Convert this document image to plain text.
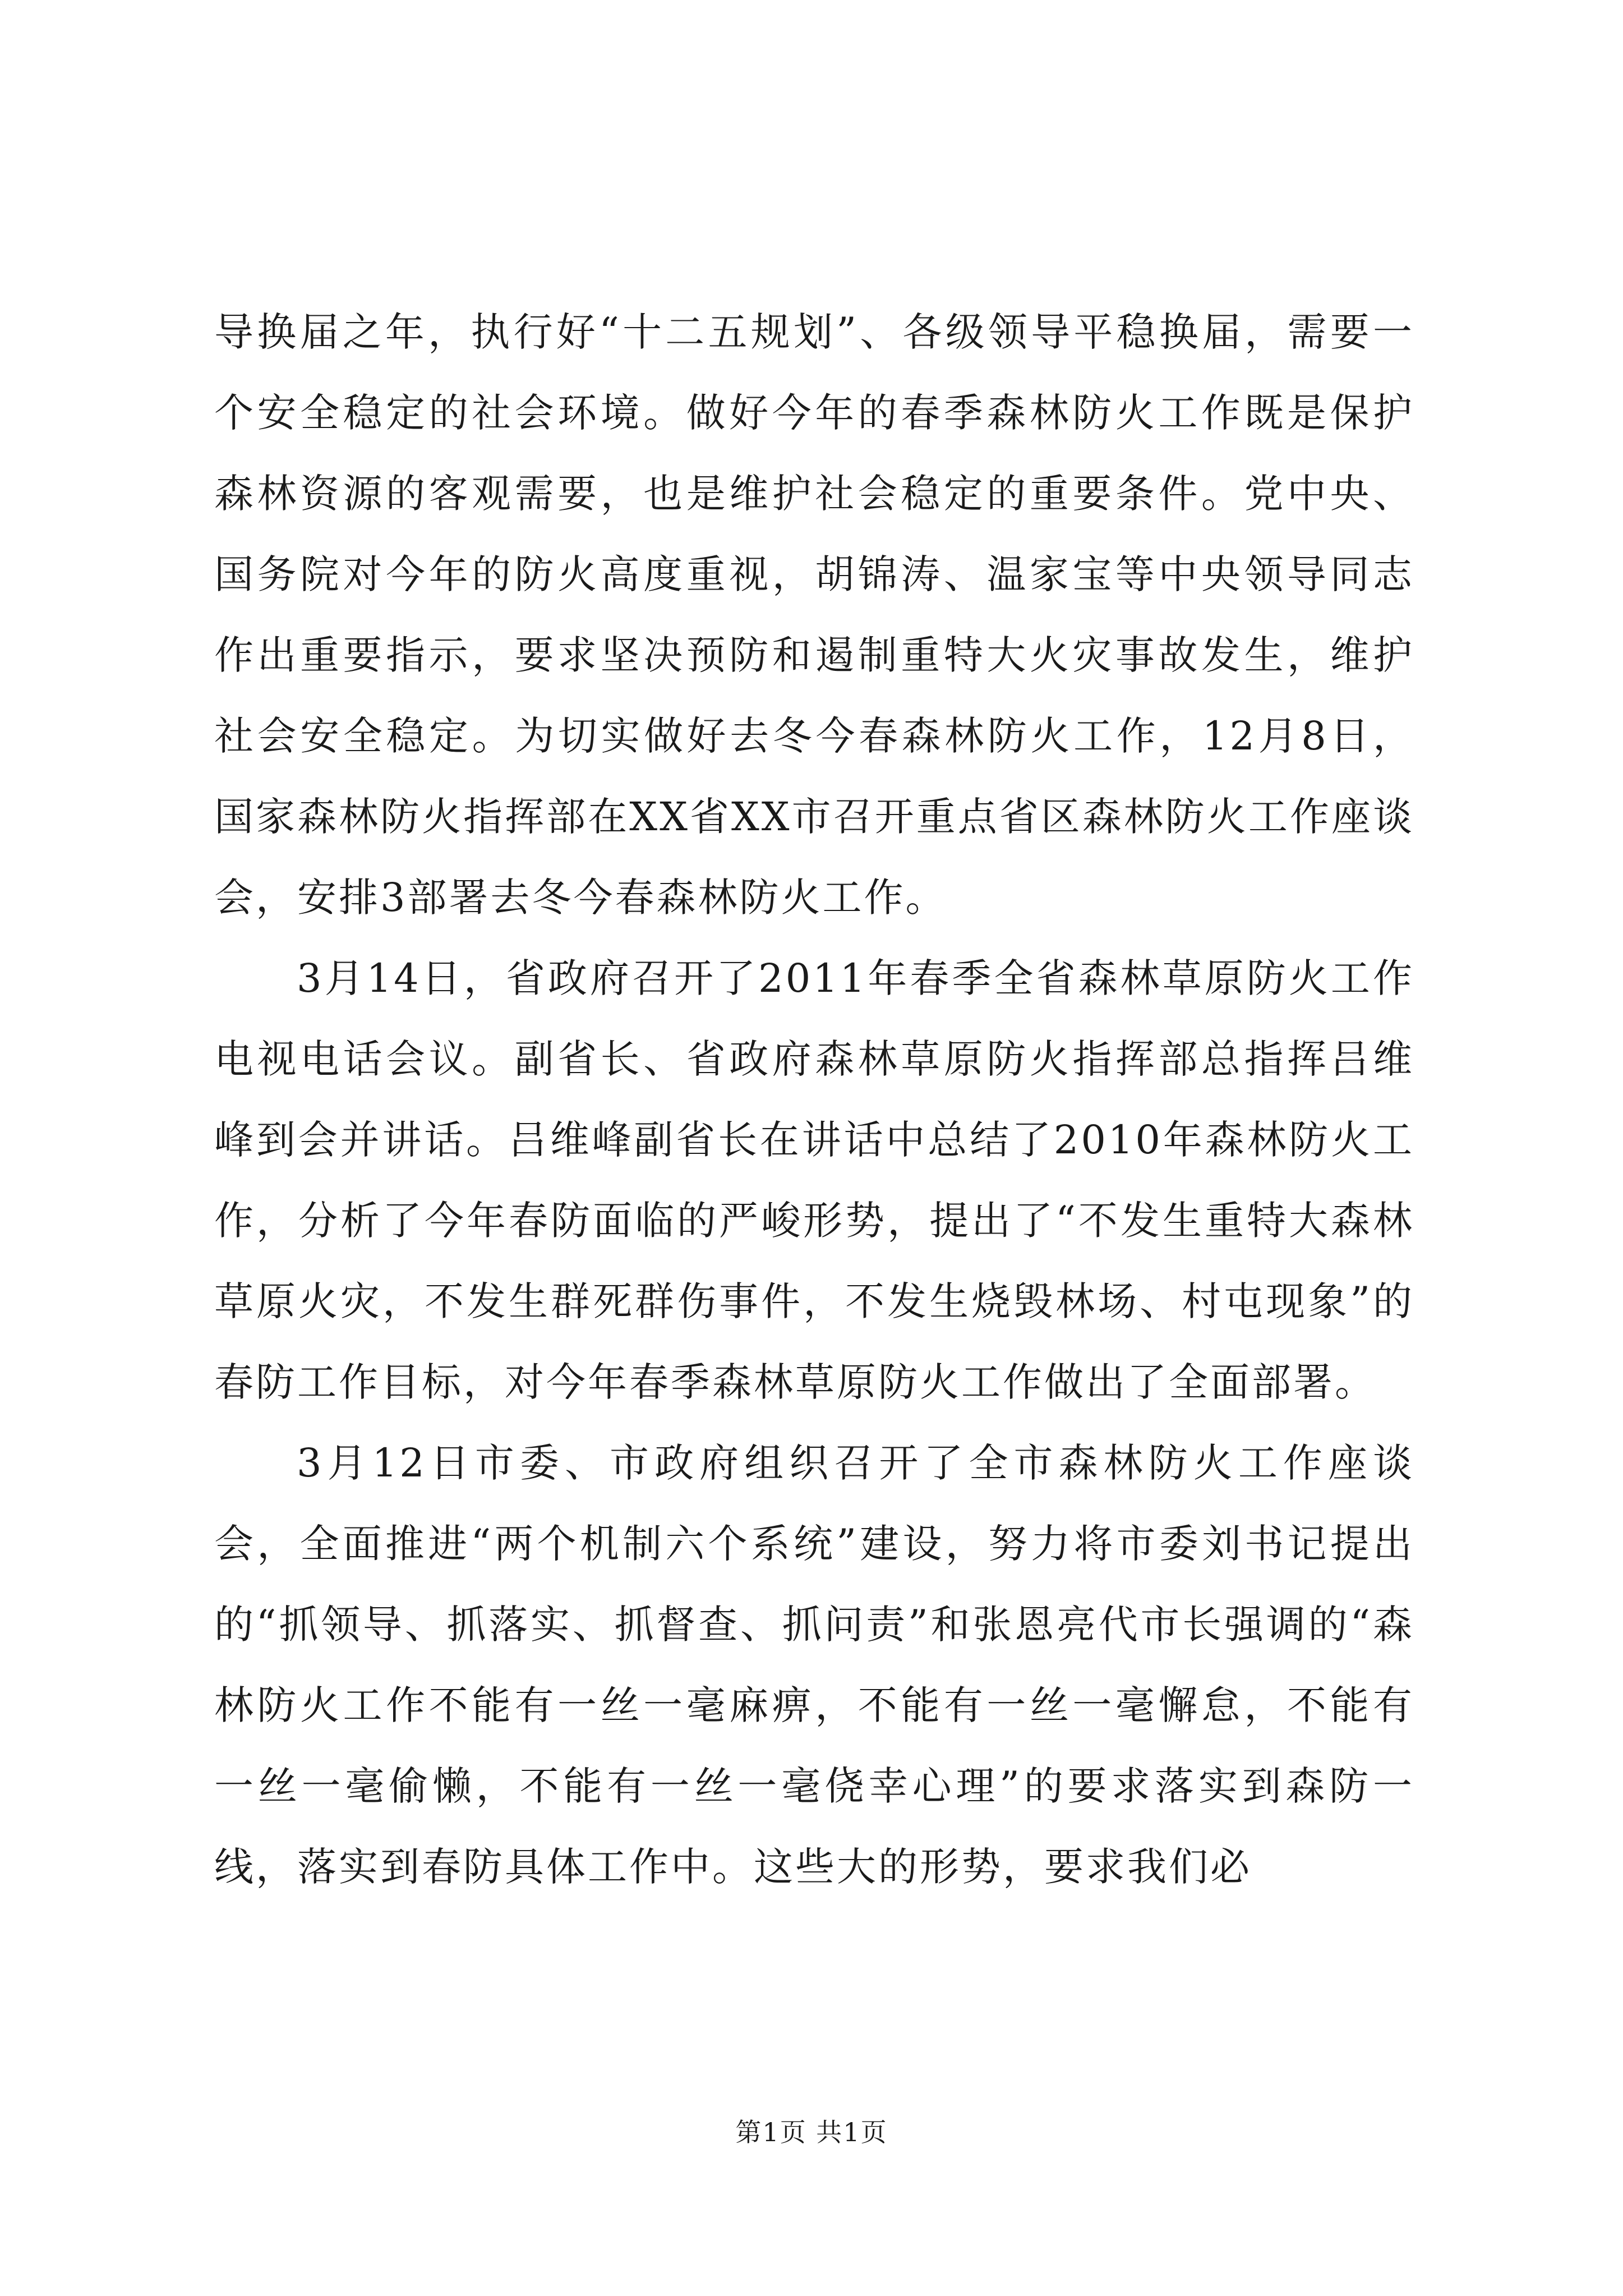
导换届之年，执行好“十二五规划”、各级领导平稳换届，需要一个安全稳定的社会环境。做好今年的春季森林防火工作既是保护森林资源的客观需要，也是维护社会稳定的重要条件。党中央、国务院对今年的防火高度重视，胡锦涛、温家宝等中央领导同志作出重要指示，要求坚决预防和遏制重特大火灾事故发生，维护社会安全稳定。为切实做好去冬今春森林防火工作，12月8日，国家森林防火指挥部在XX省XX市召开重点省区森林防火工作座谈会，安排3部署去冬今春森林防火工作。

3月14日，省政府召开了2011年春季全省森林草原防火工作电视电话会议。副省长、省政府森林草原防火指挥部总指挥吕维峰到会并讲话。吕维峰副省长在讲话中总结了2010年森林防火工作，分析了今年春防面临的严峻形势，提出了“不发生重特大森林草原火灾，不发生群死群伤事件，不发生烧毁林场、村屯现象”的春防工作目标，对今年春季森林草原防火工作做出了全面部署。

3月12日市委、市政府组织召开了全市森林防火工作座谈会，全面推进“两个机制六个系统”建设，努力将市委刘书记提出的“抓领导、抓落实、抓督查、抓问责”和张恩亮代市长强调的“森林防火工作不能有一丝一毫麻痹，不能有一丝一毫懈怠，不能有一丝一毫偷懒，不能有一丝一毫侥幸心理”的要求落实到森防一线，落实到春防具体工作中。这些大的形势，要求我们必

第1页 共1页
